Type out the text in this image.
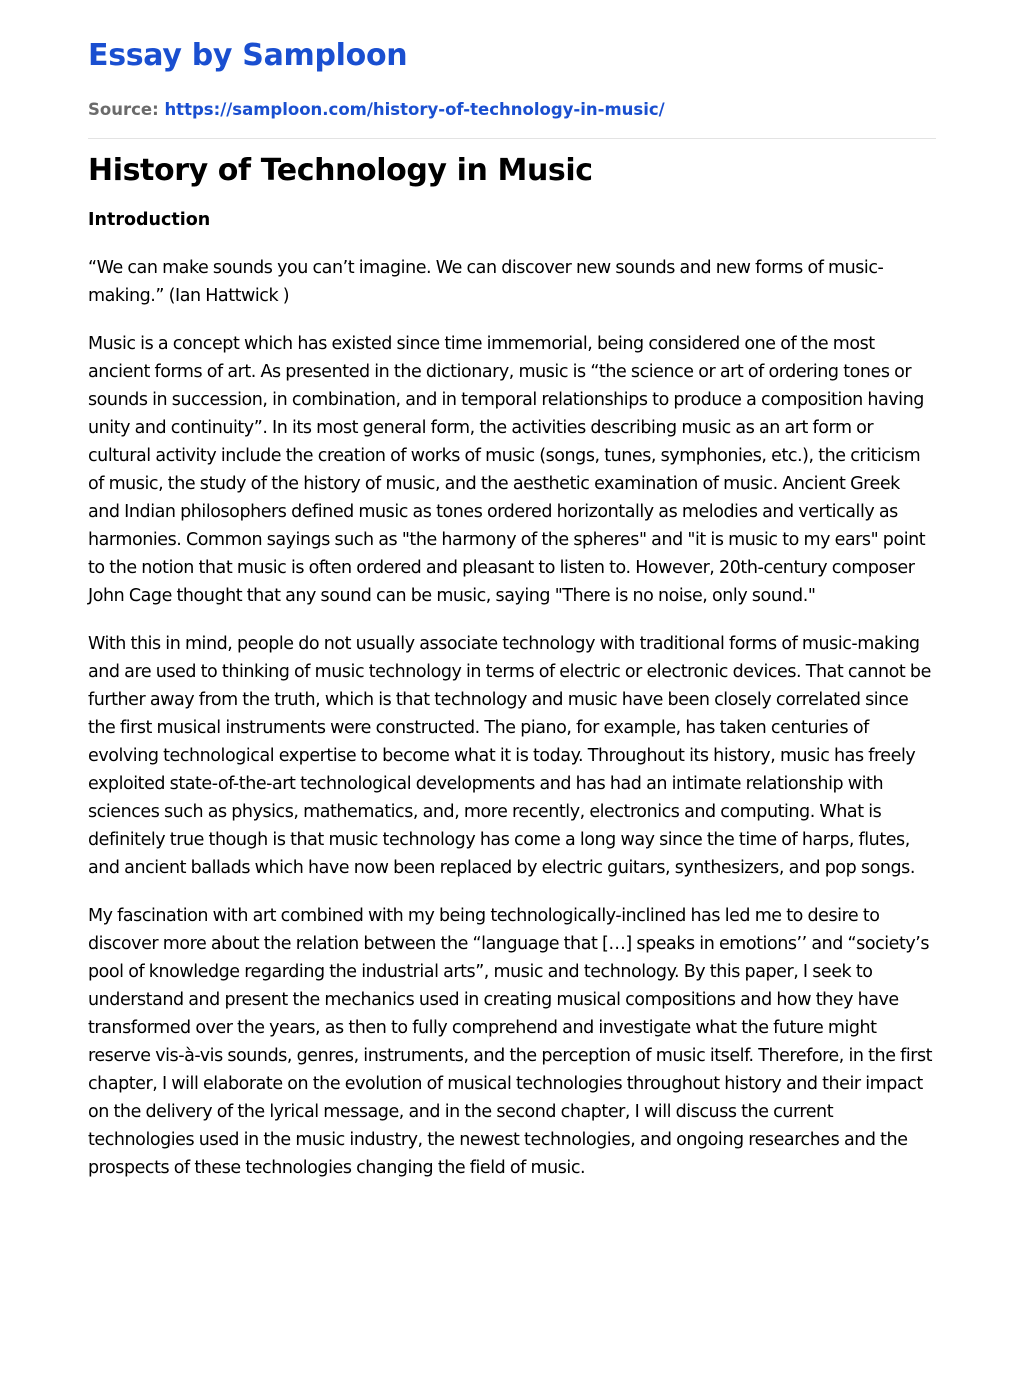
Essay by Samploon
Source: https://samploon.com/history-of-technology-in-music/
History of Technology in Music
Introduction

“We can make sounds you can’t imagine. We can discover new sounds and new forms of music-making.” (Ian Hattwick )

Music is a concept which has existed since time immemorial, being considered one of the most ancient forms of art. As presented in the dictionary, music is “the science or art of ordering tones or sounds in succession, in combination, and in temporal relationships to produce a composition having unity and continuity”. In its most general form, the activities describing music as an art form or cultural activity include the creation of works of music (songs, tunes, symphonies, etc.), the criticism of music, the study of the history of music, and the aesthetic examination of music. Ancient Greek and Indian philosophers defined music as tones ordered horizontally as melodies and vertically as harmonies. Common sayings such as "the harmony of the spheres" and "it is music to my ears" point to the notion that music is often ordered and pleasant to listen to. However, 20th-century composer John Cage thought that any sound can be music, saying "There is no noise, only sound."

With this in mind, people do not usually associate technology with traditional forms of music-making and are used to thinking of music technology in terms of electric or electronic devices. That cannot be further away from the truth, which is that technology and music have been closely correlated since the first musical instruments were constructed. The piano, for example, has taken centuries of evolving technological expertise to become what it is today. Throughout its history, music has freely exploited state-of-the-art technological developments and has had an intimate relationship with sciences such as physics, mathematics, and, more recently, electronics and computing. What is definitely true though is that music technology has come a long way since the time of harps, flutes, and ancient ballads which have now been replaced by electric guitars, synthesizers, and pop songs.

My fascination with art combined with my being technologically-inclined has led me to desire to discover more about the relation between the “language that […] speaks in emotions’’ and “society’s pool of knowledge regarding the industrial arts”, music and technology. By this paper, I seek to understand and present the mechanics used in creating musical compositions and how they have transformed over the years, as then to fully comprehend and investigate what the future might reserve vis-à-vis sounds, genres, instruments, and the perception of music itself. Therefore, in the first chapter, I will elaborate on the evolution of musical technologies throughout history and their impact on the delivery of the lyrical message, and in the second chapter, I will discuss the current technologies used in the music industry, the newest technologies, and ongoing researches and the prospects of these technologies changing the field of music.
